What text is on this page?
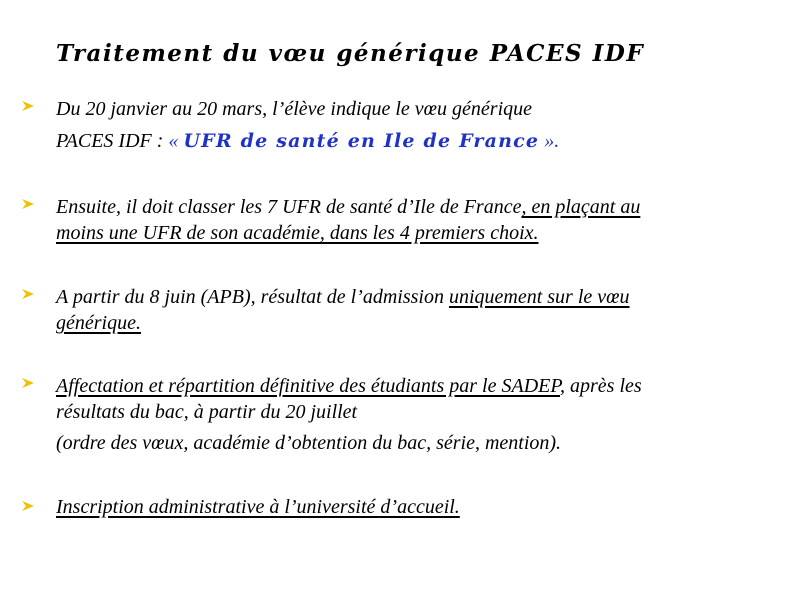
Traitement du vœu générique PACES IDF
Du 20 janvier au 20 mars, l’élève indique le vœu générique
PACES IDF : « UFR de santé en Ile de France ».
Ensuite, il doit classer les 7 UFR de santé d’Ile de France, en plaçant au
moins une UFR de son académie, dans les 4 premiers choix.
A partir du 8 juin (APB), résultat de l’admission uniquement sur le vœu
générique.
Affectation et répartition définitive des étudiants par le SADEP, après les
résultats du bac, à partir du 20 juillet
(ordre des vœux, académie d’obtention du bac, série, mention).
Inscription administrative à l’université d’accueil.
